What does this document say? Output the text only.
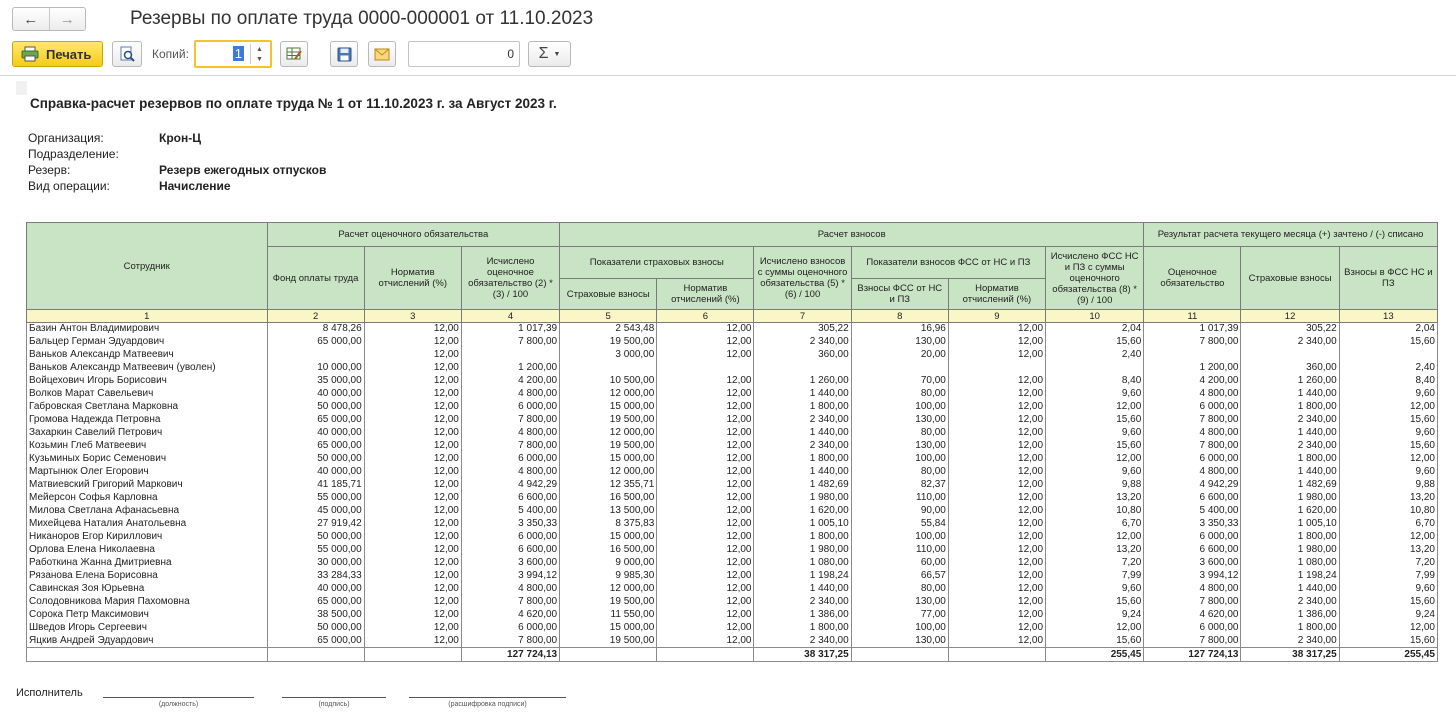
← →	Резервы по оплате труда 0000-000001 от 11.10.2023
Печать	Копий:	1 ▲
▼	0	Σ ▼
Справка-расчет резервов по оплате труда № 1 от 11.10.2023 г. за Август 2023 г.
Организация:	Крон-Ц
Подразделение:
Резерв:	Резерв ежегодных отпусков
Вид операции:	Начисление
Сотрудник	Расчет оценочного обязательства			Расчет взносов						Результат расчета текущего месяца (+) зачтено / (-) списано		
	Фонд оплаты труда	Норматив отчислений (%)	Исчислено оценочное обязательство (2) * (3) / 100	Показатели страховых взносы		Исчислено взносов с суммы оценочного обязательства (5) * (6) / 100	Показатели взносов ФСС от НС и ПЗ		Исчислено ФСС НС и ПЗ с суммы оценочного обязательства (8) * (9) / 100	Оценочное обязательство	Страховые взносы	Взносы в ФСС НС и ПЗ
				Страховые взносы	Норматив отчислений (%)		Взносы ФСС от НС и ПЗ	Норматив отчислений (%)				
1	2	3	4	5	6	7	8	9	10	11	12	13
Базин Антон Владимирович	8 478,26	12,00	1 017,39	2 543,48	12,00	305,22	16,96	12,00	2,04	1 017,39	305,22	2,04
Бальцер Герман Эдуардович	65 000,00	12,00	7 800,00	19 500,00	12,00	2 340,00	130,00	12,00	15,60	7 800,00	2 340,00	15,60
Ваньков Александр Матвеевич		12,00		3 000,00	12,00	360,00	20,00	12,00	2,40			
Ваньков Александр Матвеевич (уволен)	10 000,00	12,00	1 200,00							1 200,00	360,00	2,40
Войцехович Игорь Борисович	35 000,00	12,00	4 200,00	10 500,00	12,00	1 260,00	70,00	12,00	8,40	4 200,00	1 260,00	8,40
Волков Марат Савельевич	40 000,00	12,00	4 800,00	12 000,00	12,00	1 440,00	80,00	12,00	9,60	4 800,00	1 440,00	9,60
Габровская Светлана Марковна	50 000,00	12,00	6 000,00	15 000,00	12,00	1 800,00	100,00	12,00	12,00	6 000,00	1 800,00	12,00
Громова Надежда Петровна	65 000,00	12,00	7 800,00	19 500,00	12,00	2 340,00	130,00	12,00	15,60	7 800,00	2 340,00	15,60
Захаркин Савелий Петрович	40 000,00	12,00	4 800,00	12 000,00	12,00	1 440,00	80,00	12,00	9,60	4 800,00	1 440,00	9,60
Козьмин Глеб Матвеевич	65 000,00	12,00	7 800,00	19 500,00	12,00	2 340,00	130,00	12,00	15,60	7 800,00	2 340,00	15,60
Кузьминых Борис Семенович	50 000,00	12,00	6 000,00	15 000,00	12,00	1 800,00	100,00	12,00	12,00	6 000,00	1 800,00	12,00
Мартынюк Олег Егорович	40 000,00	12,00	4 800,00	12 000,00	12,00	1 440,00	80,00	12,00	9,60	4 800,00	1 440,00	9,60
Матвиевский Григорий Маркович	41 185,71	12,00	4 942,29	12 355,71	12,00	1 482,69	82,37	12,00	9,88	4 942,29	1 482,69	9,88
Мейерсон Софья Карловна	55 000,00	12,00	6 600,00	16 500,00	12,00	1 980,00	110,00	12,00	13,20	6 600,00	1 980,00	13,20
Милова Светлана Афанасьевна	45 000,00	12,00	5 400,00	13 500,00	12,00	1 620,00	90,00	12,00	10,80	5 400,00	1 620,00	10,80
Михейцева Наталия Анатольевна	27 919,42	12,00	3 350,33	8 375,83	12,00	1 005,10	55,84	12,00	6,70	3 350,33	1 005,10	6,70
Никаноров Егор Кириллович	50 000,00	12,00	6 000,00	15 000,00	12,00	1 800,00	100,00	12,00	12,00	6 000,00	1 800,00	12,00
Орлова Елена Николаевна	55 000,00	12,00	6 600,00	16 500,00	12,00	1 980,00	110,00	12,00	13,20	6 600,00	1 980,00	13,20
Работкина Жанна Дмитриевна	30 000,00	12,00	3 600,00	9 000,00	12,00	1 080,00	60,00	12,00	7,20	3 600,00	1 080,00	7,20
Рязанова Елена Борисовна	33 284,33	12,00	3 994,12	9 985,30	12,00	1 198,24	66,57	12,00	7,99	3 994,12	1 198,24	7,99
Савинская Зоя Юрьевна	40 000,00	12,00	4 800,00	12 000,00	12,00	1 440,00	80,00	12,00	9,60	4 800,00	1 440,00	9,60
Солодовникова Мария Пахомовна	65 000,00	12,00	7 800,00	19 500,00	12,00	2 340,00	130,00	12,00	15,60	7 800,00	2 340,00	15,60
Сорока Петр Максимович	38 500,00	12,00	4 620,00	11 550,00	12,00	1 386,00	77,00	12,00	9,24	4 620,00	1 386,00	9,24
Шведов Игорь Сергеевич	50 000,00	12,00	6 000,00	15 000,00	12,00	1 800,00	100,00	12,00	12,00	6 000,00	1 800,00	12,00
Яцкив Андрей Эдуардович	65 000,00	12,00	7 800,00	19 500,00	12,00	2 340,00	130,00	12,00	15,60	7 800,00	2 340,00	15,60
			127 724,13			38 317,25			255,45	127 724,13	38 317,25	255,45
Исполнитель
(должность)	(подпись)	(расшифровка подписи)
